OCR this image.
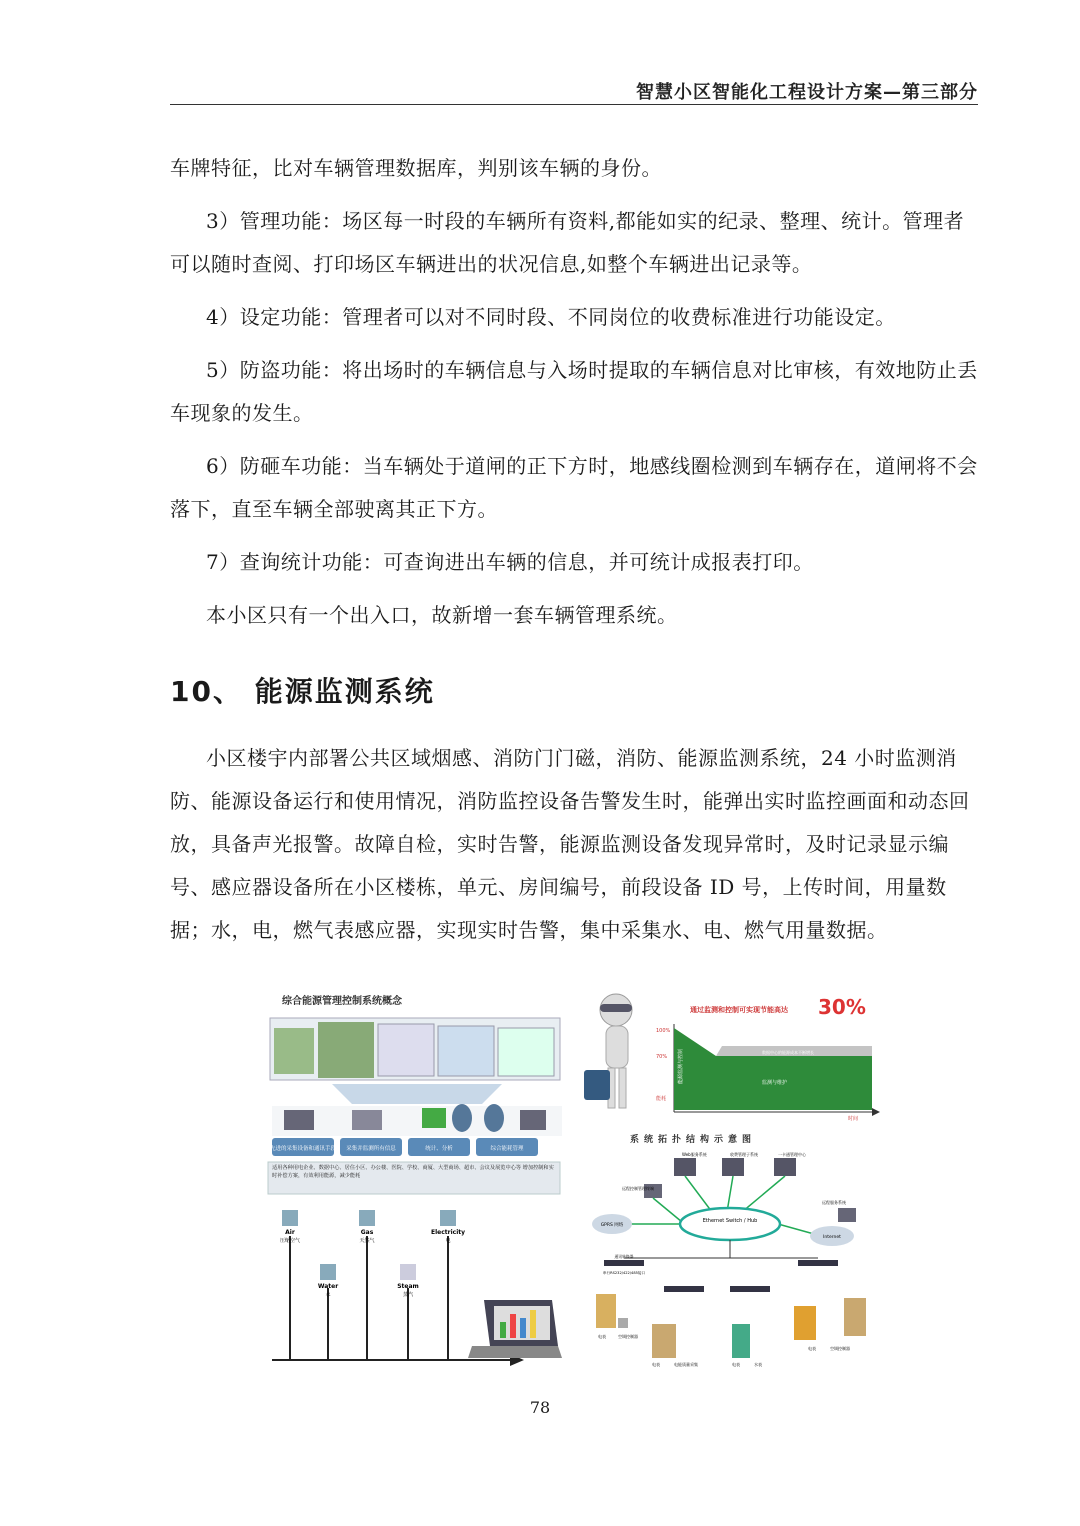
智慧小区智能化工程设计方案—第三部分

车牌特征，比对车辆管理数据库，判别该车辆的身份。

3）管理功能：场区每一时段的车辆所有资料,都能如实的纪录、整理、统计。管理者可以随时查阅、打印场区车辆进出的状况信息,如整个车辆进出记录等。

4）设定功能：管理者可以对不同时段、不同岗位的收费标准进行功能设定。

5）防盗功能：将出场时的车辆信息与入场时提取的车辆信息对比审核，有效地防止丢车现象的发生。

6）防砸车功能：当车辆处于道闸的正下方时，地感线圈检测到车辆存在，道闸将不会落下，直至车辆全部驶离其正下方。

7）查询统计功能：可查询进出车辆的信息，并可统计成报表打印。

本小区只有一个出入口，故新增一套车辆管理系统。

10、 能源监测系统

小区楼宇内部署公共区域烟感、消防门门磁，消防、能源监测系统，24 小时监测消防、能源设备运行和使用情况，消防监控设备告警发生时，能弹出实时监控画面和动态回放，具备声光报警。故障自检，实时告警，能源监测设备发现异常时，及时记录显示编号、感应器设备所在小区楼栋，单元、房间编号，前段设备 ID 号，上传时间，用量数据；水，电，燃气表感应器，实现实时告警，集中采集水、电、燃气用量数据。

综合能源管理控制系统概念
先进的采集设备和通讯手段 采集并监测所有信息	统计、分析	综合能耗管理
适用各种用电企业、数据中心、居住小区、办公楼、医院、学校、商厦、大型商场、超市、会议及展览中心等 增加控制和实时补偿方案，有效利用能源，减少能耗
Air
压缩空气
Gas
天然气
Electricity
电
Water
水
Steam
蒸汽
通过监测和控制可实现节能高达 30%
100%
70%
能耗
时间
能源监测与控制	监测与维护
数据中心的能源成本不断增长
系统拓扑结构示意图
Web服务系统	收费管理子系统	一卡通管理中心
远程控制管理终端
远程服务系统
Ethernet Switch / Hub
GPRS 网络
Internet
通讯转换器
串行RS232/422/485接口
电表	空调控制器
电表	电能质量采集	电表	水表
电表	空调控制器
78
